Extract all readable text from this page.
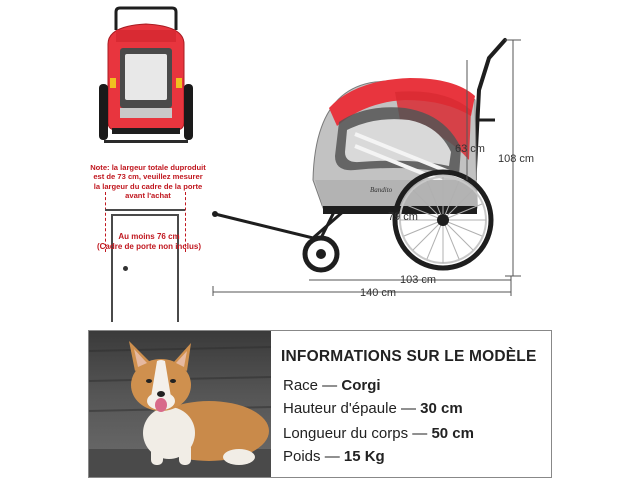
Note: la largeur totale duproduit est de 73 cm, veuillez mesurer la largeur du cadre de la porte avant l'achat
Au moins 76 cm
(Cadre de porte non inclus)
Bandito
63 cm
108 cm
79 cm
103 cm
140 cm
INFORMATIONS SUR LE MODÈLE
Race — Corgi
Hauteur d'épaule — 30 cm
Longueur du corps — 50 cm
Poids — 15 Kg
